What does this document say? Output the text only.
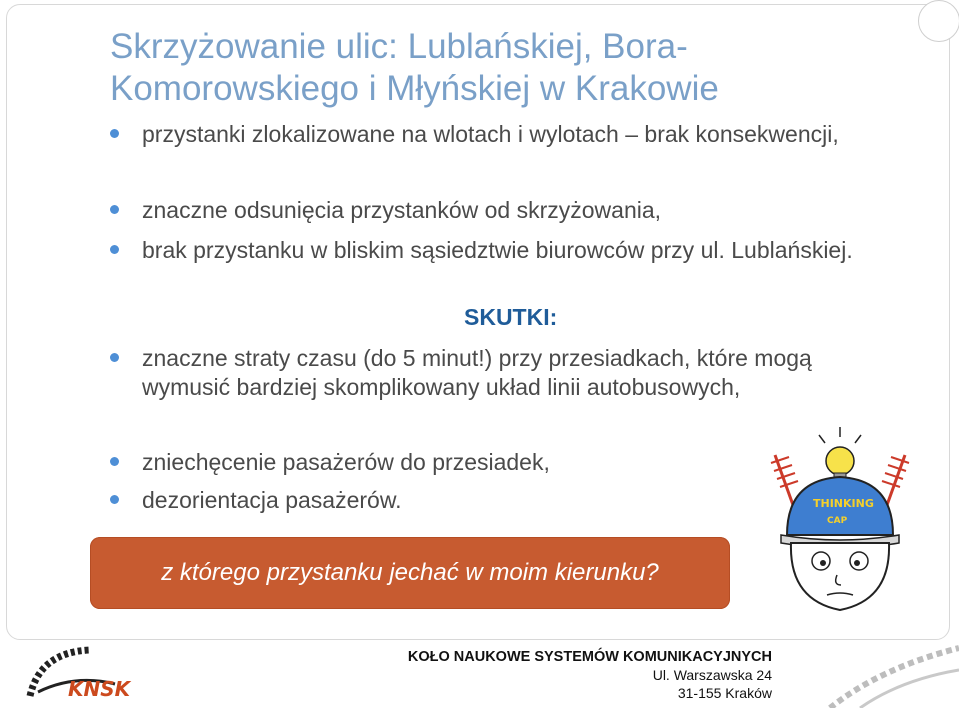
Skrzyżowanie ulic: Lublańskiej, Bora-Komorowskiego i Młyńskiej w Krakowie
przystanki zlokalizowane na wlotach i wylotach – brak konsekwencji,
znaczne odsunięcia przystanków od skrzyżowania,
brak przystanku w bliskim sąsiedztwie biurowców przy ul. Lublańskiej.
znaczne straty czasu (do 5 minut!) przy przesiadkach, które mogą wymusić bardziej skomplikowany układ linii autobusowych,
zniechęcenie pasażerów do przesiadek,
dezorientacja pasażerów.
SKUTKI:
z którego przystanku jechać w moim kierunku?
THINKING
CAP
KNSK
KOŁO NAUKOWE SYSTEMÓW KOMUNIKACYJNYCH
Ul. Warszawska 24
31-155 Kraków
